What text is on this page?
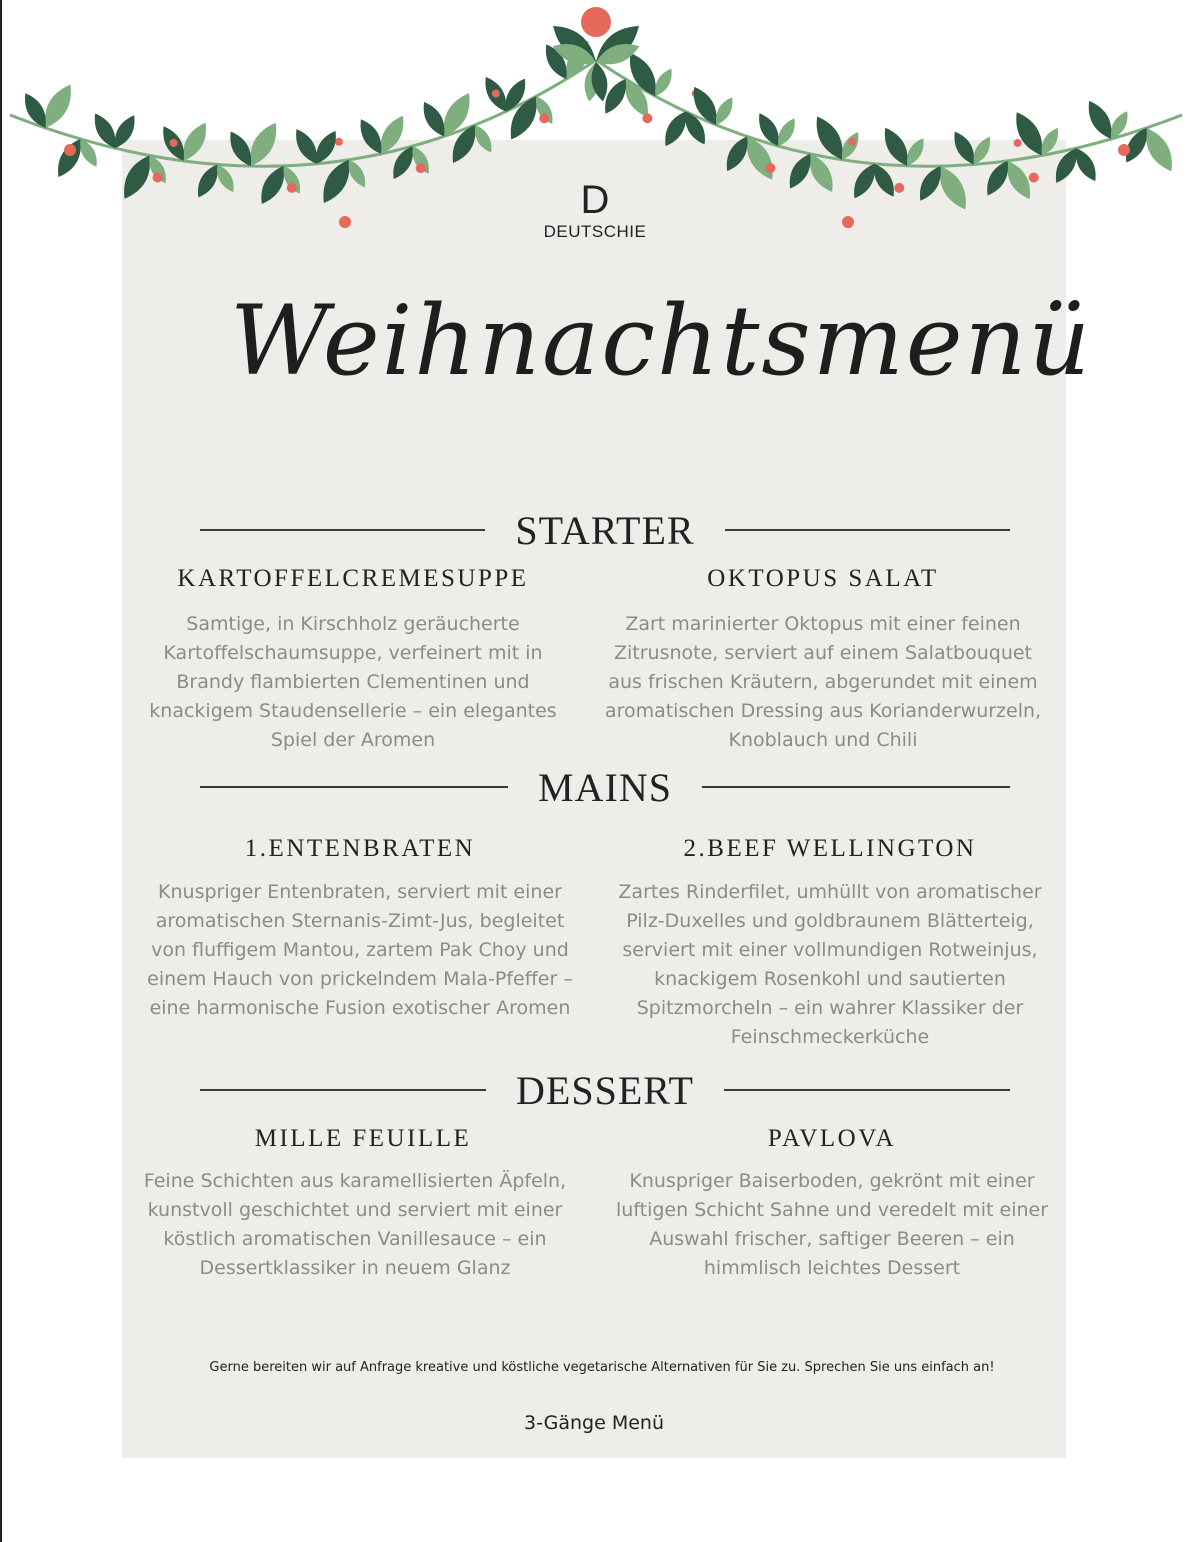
D
DEUTSCHIE
Weihnachtsmenü
STARTER
KARTOFFELCREMESUPPE
Samtige, in Kirschholz geräucherte
Kartoffelschaumsuppe, verfeinert mit in
Brandy flambierten Clementinen und
knackigem Staudensellerie – ein elegantes
Spiel der Aromen
OKTOPUS SALAT
Zart marinierter Oktopus mit einer feinen
Zitrusnote, serviert auf einem Salatbouquet
aus frischen Kräutern, abgerundet mit einem
aromatischen Dressing aus Korianderwurzeln,
Knoblauch und Chili
MAINS
1.ENTENBRATEN
Knuspriger Entenbraten, serviert mit einer
aromatischen Sternanis-Zimt-Jus, begleitet
von fluffigem Mantou, zartem Pak Choy und
einem Hauch von prickelndem Mala-Pfeffer –
eine harmonische Fusion exotischer Aromen
2.BEEF WELLINGTON
Zartes Rinderfilet, umhüllt von aromatischer
Pilz-Duxelles und goldbraunem Blätterteig,
serviert mit einer vollmundigen Rotweinjus,
knackigem Rosenkohl und sautierten
Spitzmorcheln – ein wahrer Klassiker der
Feinschmeckerküche
DESSERT
MILLE FEUILLE
Feine Schichten aus karamellisierten Äpfeln,
kunstvoll geschichtet und serviert mit einer
köstlich aromatischen Vanillesauce – ein
Dessertklassiker in neuem Glanz
PAVLOVA
Knuspriger Baiserboden, gekrönt mit einer
luftigen Schicht Sahne und veredelt mit einer
Auswahl frischer, saftiger Beeren – ein
himmlisch leichtes Dessert
Gerne bereiten wir auf Anfrage kreative und köstliche vegetarische Alternativen für Sie zu. Sprechen Sie uns einfach an!
3-Gänge Menü
